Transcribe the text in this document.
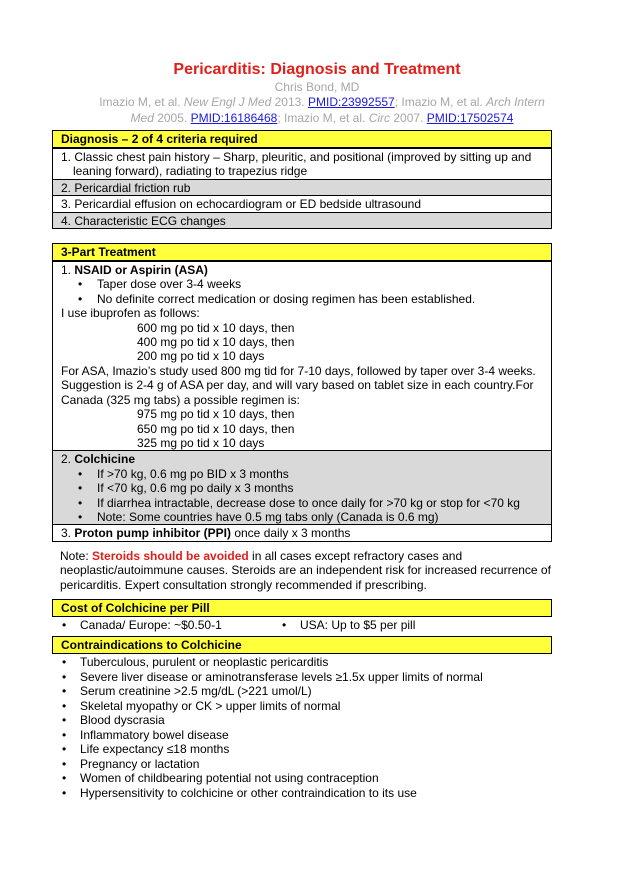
Pericarditis: Diagnosis and Treatment
Chris Bond, MD
Imazio M, et al. New Engl J Med 2013. PMID:23992557; Imazio M, et al. Arch Intern Med 2005. PMID:16186468; Imazio M, et al. Circ 2007. PMID:17502574
Diagnosis – 2 of 4 criteria required
1. Classic chest pain history – Sharp, pleuritic, and positional (improved by sitting up and leaning forward), radiating to trapezius ridge
2. Pericardial friction rub
3. Pericardial effusion on echocardiogram or ED bedside ultrasound
4. Characteristic ECG changes
3-Part Treatment
1. NSAID or Aspirin (ASA)
• Taper dose over 3-4 weeks
• No definite correct medication or dosing regimen has been established.
I use ibuprofen as follows:
600 mg po tid x 10 days, then
400 mg po tid x 10 days, then
200 mg po tid x 10 days
For ASA, Imazio’s study used 800 mg tid for 7-10 days, followed by taper over 3-4 weeks. Suggestion is 2-4 g of ASA per day, and will vary based on tablet size in each country.For Canada (325 mg tabs) a possible regimen is:
975 mg po tid x 10 days, then
650 mg po tid x 10 days, then
325 mg po tid x 10 days
2. Colchicine
• If >70 kg, 0.6 mg po BID x 3 months
• If <70 kg, 0.6 mg po daily x 3 months
• If diarrhea intractable, decrease dose to once daily for >70 kg or stop for <70 kg
• Note: Some countries have 0.5 mg tabs only (Canada is 0.6 mg)
3. Proton pump inhibitor (PPI) once daily x 3 months
Note: Steroids should be avoided in all cases except refractory cases and neoplastic/autoimmune causes. Steroids are an independent risk for increased recurrence of pericarditis. Expert consultation strongly recommended if prescribing.
Cost of Colchicine per Pill
• Canada/ Europe: ~$0.50-1
•	USA: Up to $5 per pill
Contraindications to Colchicine
• Tuberculous, purulent or neoplastic pericarditis
• Severe liver disease or aminotransferase levels ≥1.5x upper limits of normal
• Serum creatinine >2.5 mg/dL (>221 umol/L)
• Skeletal myopathy or CK > upper limits of normal
• Blood dyscrasia
• Inflammatory bowel disease
• Life expectancy ≤18 months
• Pregnancy or lactation
• Women of childbearing potential not using contraception
• Hypersensitivity to colchicine or other contraindication to its use
